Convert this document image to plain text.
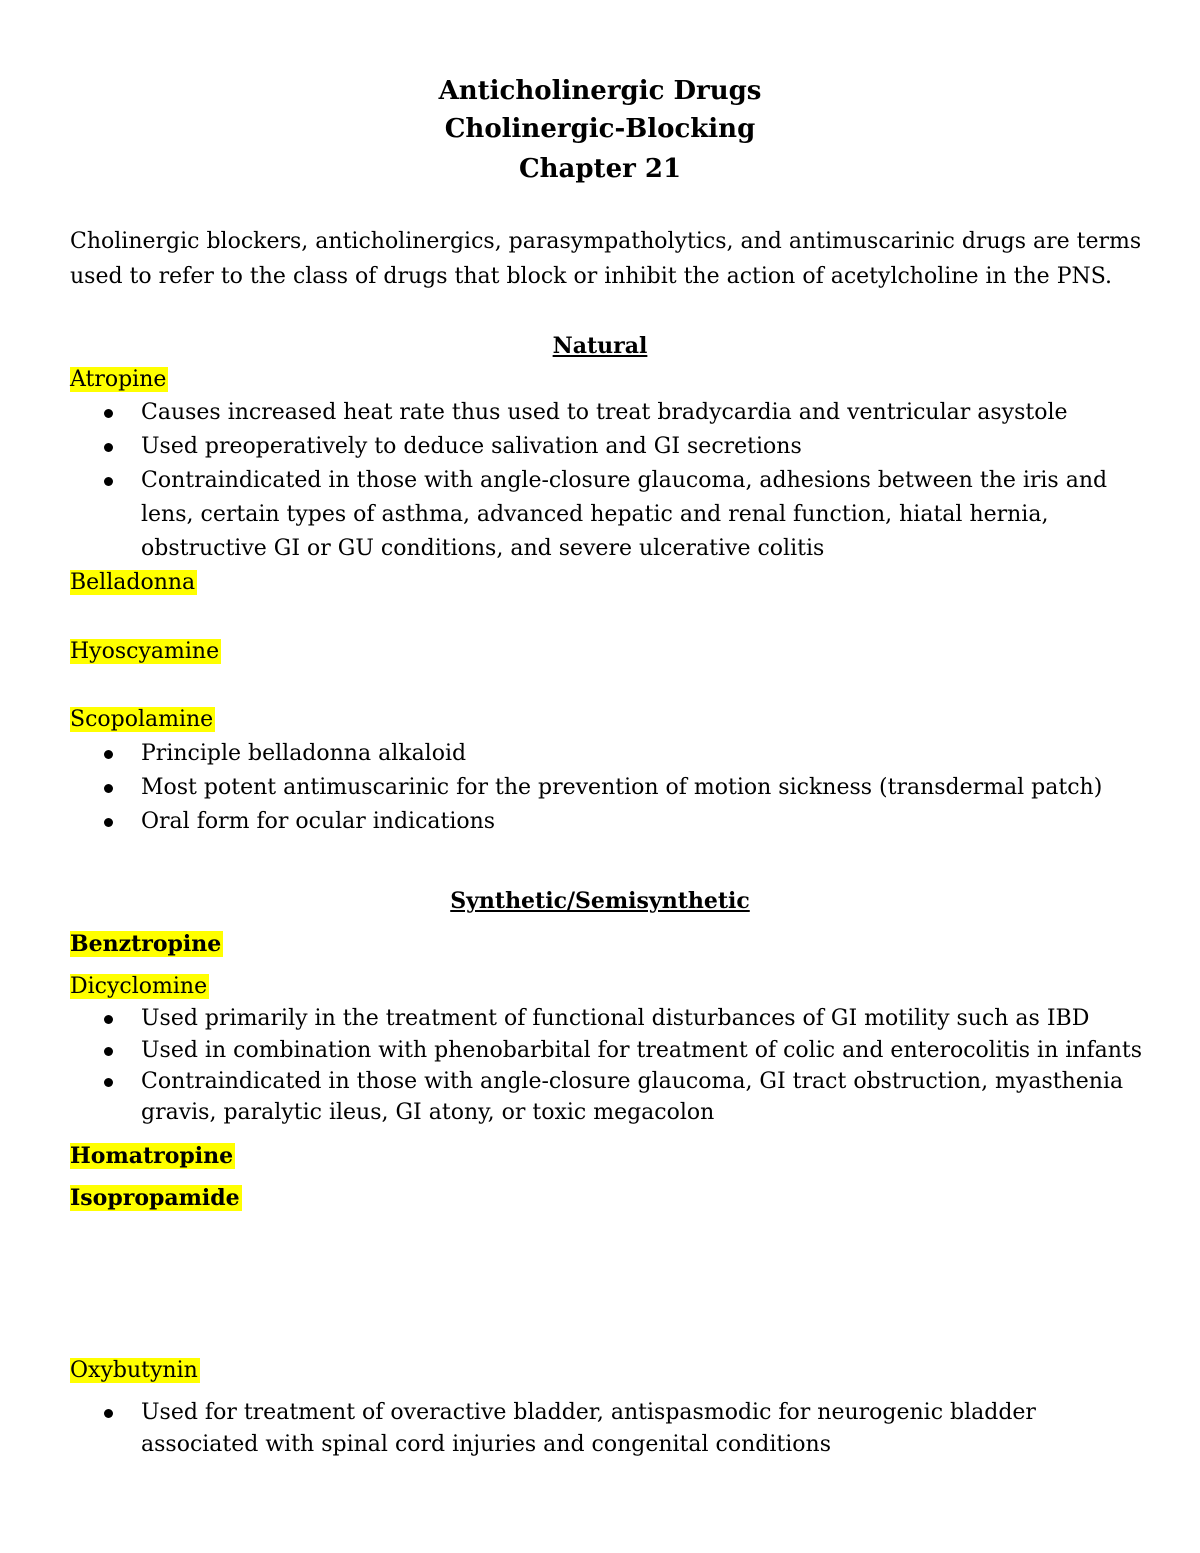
Anticholinergic Drugs
Cholinergic-Blocking
Chapter 21
Cholinergic blockers, anticholinergics, parasympatholytics, and antimuscarinic drugs are terms
used to refer to the class of drugs that block or inhibit the action of acetylcholine in the PNS.
Natural
Atropine
Causes increased heat rate thus used to treat bradycardia and ventricular asystole
Used preoperatively to deduce salivation and GI secretions
Contraindicated in those with angle-closure glaucoma, adhesions between the iris and
lens, certain types of asthma, advanced hepatic and renal function, hiatal hernia,
obstructive GI or GU conditions, and severe ulcerative colitis
Belladonna
Hyoscyamine
Scopolamine
Principle belladonna alkaloid
Most potent antimuscarinic for the prevention of motion sickness (transdermal patch)
Oral form for ocular indications
Synthetic/Semisynthetic
Benztropine
Dicyclomine
Used primarily in the treatment of functional disturbances of GI motility such as IBD
Used in combination with phenobarbital for treatment of colic and enterocolitis in infants
Contraindicated in those with angle-closure glaucoma, GI tract obstruction, myasthenia
gravis, paralytic ileus, GI atony, or toxic megacolon
Homatropine
Isopropamide
Oxybutynin
Used for treatment of overactive bladder, antispasmodic for neurogenic bladder
associated with spinal cord injuries and congenital conditions
